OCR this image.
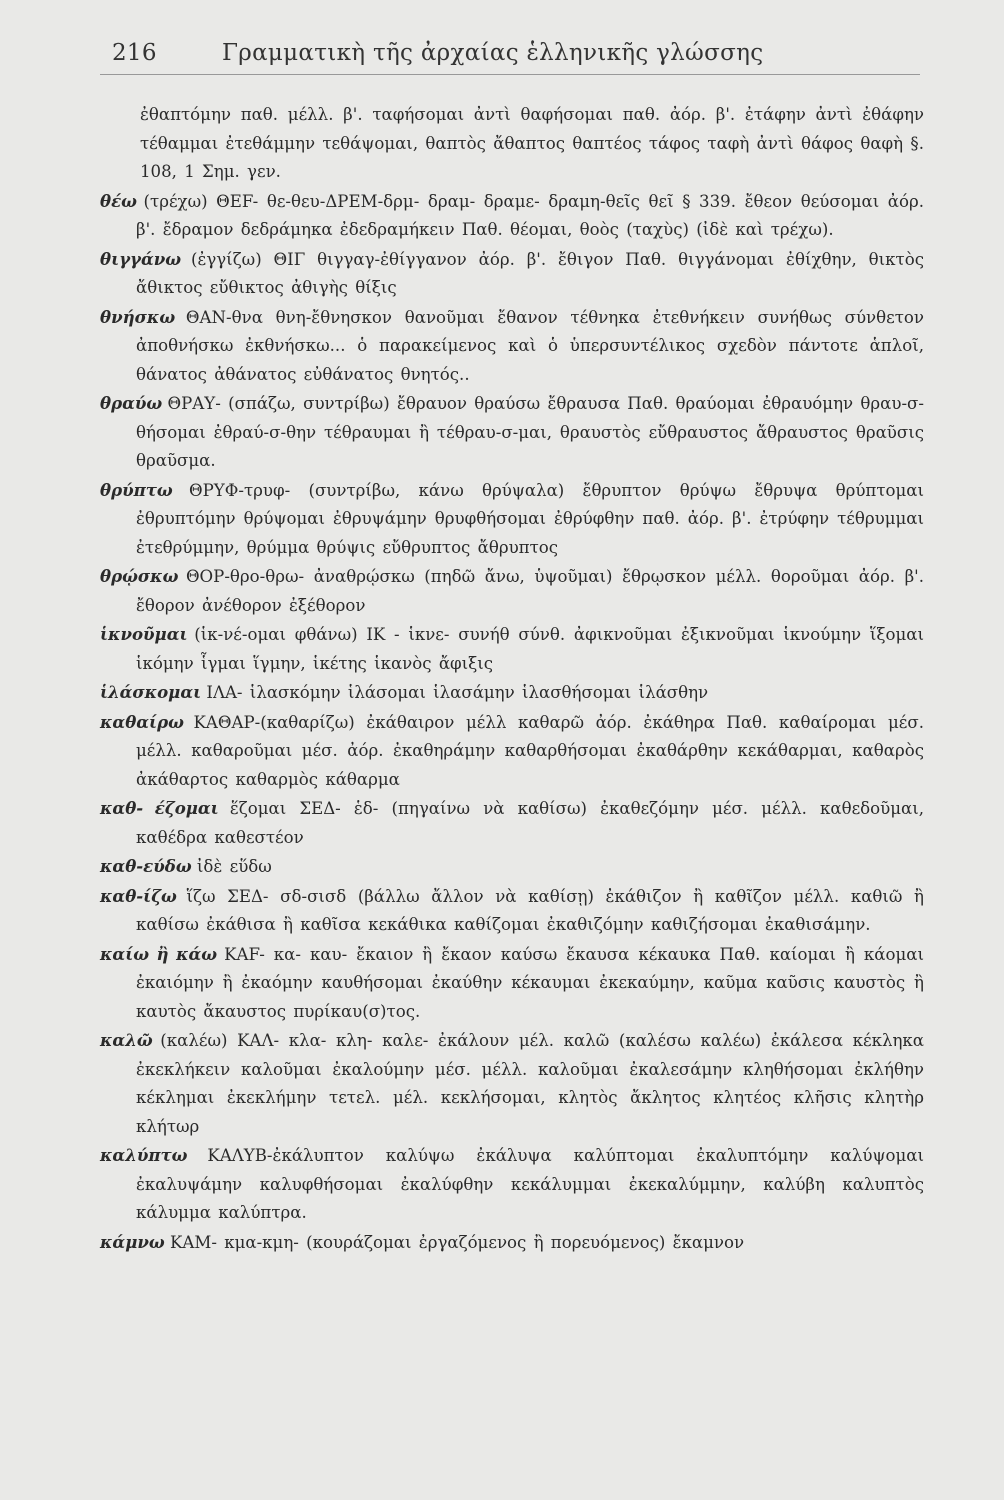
216	Γραμματικὴ τῆς ἀρχαίας ἑλληνικῆς γλώσσης

ἐθαπτόμην παθ. μέλλ. β'. ταφήσομαι ἀντὶ θαφήσομαι παθ. ἀόρ. β'. ἐτάφην ἀντὶ ἐθάφην τέθαμμαι ἐτεθάμμην τεθάψομαι, θαπτὸς ἄθαπτος θαπτέος τάφος ταφὴ ἀντὶ θάφος θαφὴ §. 108, 1 Σημ. γεν.

θέω (τρέχω) ΘΕF- θε-θευ-ΔΡΕΜ-δρμ- δραμ- δραμε- δραμη-θεῖς θεῖ § 339. ἔθεον θεύσομαι ἀόρ. β'. ἔδραμον δεδράμηκα ἐδεδραμήκειν Παθ. θέομαι, θοὸς (ταχὺς) (ἰδὲ καὶ τρέχω).

θιγγάνω (ἐγγίζω) ΘΙΓ θιγγαγ-ἐθίγγανον ἀόρ. β'. ἔθιγον Παθ. θιγγάνομαι ἐθίχθην, θικτὸς ἄθικτος εὔθικτος ἀθιγὴς θίξις

θνήσκω ΘΑΝ-θνα θνη-ἔθνησκον θανοῦμαι ἔθανον τέθνηκα ἐτεθνήκειν συνήθως σύνθετον ἀποθνήσκω ἐκθνήσκω... ὁ παρακείμενος καὶ ὁ ὑπερσυντέλικος σχεδὸν πάντοτε ἁπλοῖ, θάνατος ἀθάνατος εὐθάνατος θνητός..

θραύω ΘΡΑΥ- (σπάζω, συντρίβω) ἔθραυον θραύσω ἔθραυσα Παθ. θραύομαι ἐθραυόμην θραυ-σ-θήσομαι ἐθραύ-σ-θην τέθραυμαι ἢ τέθραυ-σ-μαι, θραυστὸς εὔθραυστος ἄθραυστος θραῦσις θραῦσμα.

θρύπτω ΘΡΥΦ-τρυφ- (συντρίβω, κάνω θρύψαλα) ἔθρυπτον θρύψω ἔθρυψα θρύπτομαι ἐθρυπτόμην θρύψομαι ἐθρυψάμην θρυφθήσομαι ἐθρύφθην παθ. ἀόρ. β'. ἐτρύφην τέθρυμμαι ἐτεθρύμμην, θρύμμα θρύψις εὔθρυπτος ἄθρυπτος

θρῴσκω ΘΟΡ-θρο-θρω- ἀναθρῴσκω (πηδῶ ἄνω, ὑψοῦμαι) ἔθρῳσκον μέλλ. θοροῦμαι ἀόρ. β'. ἔθορον ἀνέθορον ἐξέθορον

ἱκνοῦμαι (ἱκ-νέ-ομαι φθάνω) ΙΚ - ἱκνε- συνήθ σύνθ. ἀφικνοῦμαι ἐξικνοῦμαι ἱκνούμην ἵξομαι ἱκόμην ἷγμαι ἵγμην, ἱκέτης ἱκανὸς ἄφιξις

ἱλάσκομαι ΙΛΑ- ἱλασκόμην ἱλάσομαι ἱλασάμην ἱλασθήσομαι ἱλάσθην

καθαίρω ΚΑΘΑΡ-(καθαρίζω) ἐκάθαιρον μέλλ καθαρῶ ἀόρ. ἐκάθηρα Παθ. καθαίρομαι μέσ. μέλλ. καθαροῦμαι μέσ. ἀόρ. ἐκαθηράμην καθαρθήσομαι ἐκαθάρθην κεκάθαρμαι, καθαρὸς ἀκάθαρτος καθαρμὸς κάθαρμα

καθ- έζομαι ἕζομαι ΣΕΔ- ἑδ- (πηγαίνω νὰ καθίσω) ἐκαθεζόμην μέσ. μέλλ. καθεδοῦμαι, καθέδρα καθεστέον

καθ-εύδω ἰδὲ εὕδω

καθ-ίζω ἵζω ΣΕΔ- σδ-σισδ (βάλλω ἄλλον νὰ καθίσῃ) ἐκάθιζον ἢ καθῖζον μέλλ. καθιῶ ἢ καθίσω ἐκάθισα ἢ καθῖσα κεκάθικα καθίζομαι ἐκαθιζόμην καθιζήσομαι ἐκαθισάμην.

καίω ἢ κάω ΚΑF- κα- καυ- ἔκαιον ἢ ἔκαον καύσω ἔκαυσα κέκαυκα Παθ. καίομαι ἢ κάομαι ἐκαιόμην ἢ ἐκαόμην καυθήσομαι ἐκαύθην κέκαυμαι ἐκεκαύμην, καῦμα καῦσις καυστὸς ἢ καυτὸς ἄκαυστος πυρίκαυ(σ)τος.

καλῶ (καλέω) ΚΑΛ- κλα- κλη- καλε- ἐκάλουν μέλ. καλῶ (καλέσω καλέω) ἐκάλεσα κέκληκα ἐκεκλήκειν καλοῦμαι ἐκαλούμην μέσ. μέλλ. καλοῦμαι ἐκαλεσάμην κληθήσομαι ἐκλήθην κέκλημαι ἐκεκλήμην τετελ. μέλ. κεκλήσομαι, κλητὸς ἄκλητος κλητέος κλῆσις κλητὴρ κλήτωρ

καλύπτω ΚΑΛΥΒ-ἐκάλυπτον καλύψω ἐκάλυψα καλύπτομαι ἐκαλυπτόμην καλύψομαι ἐκαλυψάμην καλυφθήσομαι ἐκαλύφθην κεκάλυμμαι ἐκεκαλύμμην, καλύβη καλυπτὸς κάλυμμα καλύπτρα.

κάμνω ΚΑΜ- κμα-κμη- (κουράζομαι ἐργαζόμενος ἢ πορευόμενος) ἔκαμνον
